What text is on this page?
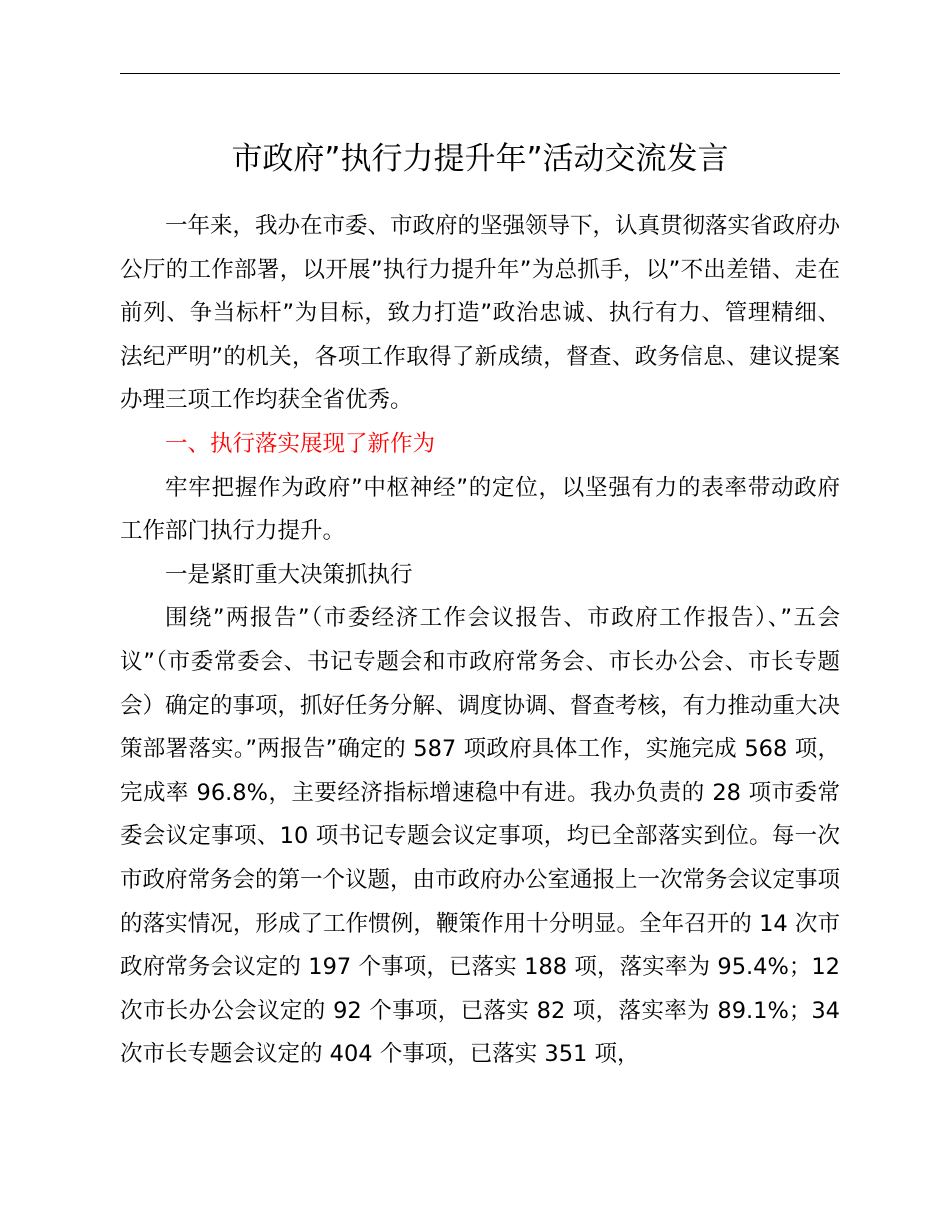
市政府”执行力提升年”活动交流发言

一年来，我办在市委、市政府的坚强领导下，认真贯彻落实省政府办公厅的工作部署，以开展”执行力提升年”为总抓手，以”不出差错、走在前列、争当标杆”为目标，致力打造”政治忠诚、执行有力、管理精细、法纪严明”的机关，各项工作取得了新成绩，督查、政务信息、建议提案办理三项工作均获全省优秀。

一、执行落实展现了新作为

牢牢把握作为政府”中枢神经”的定位，以坚强有力的表率带动政府工作部门执行力提升。

一是紧盯重大决策抓执行

围绕”两报告”（市委经济工作会议报告、市政府工作报告）、”五会议”（市委常委会、书记专题会和市政府常务会、市长办公会、市长专题会）确定的事项，抓好任务分解、调度协调、督查考核，有力推动重大决策部署落实。”两报告”确定的 587 项政府具体工作，实施完成 568 项，完成率 96.8%，主要经济指标增速稳中有进。我办负责的 28 项市委常委会议定事项、10 项书记专题会议定事项，均已全部落实到位。每一次市政府常务会的第一个议题，由市政府办公室通报上一次常务会议定事项的落实情况，形成了工作惯例，鞭策作用十分明显。全年召开的 14 次市政府常务会议定的 197 个事项，已落实 188 项，落实率为 95.4%；12 次市长办公会议定的 92 个事项，已落实 82 项，落实率为 89.1%；34 次市长专题会议定的 404 个事项，已落实 351 项，
